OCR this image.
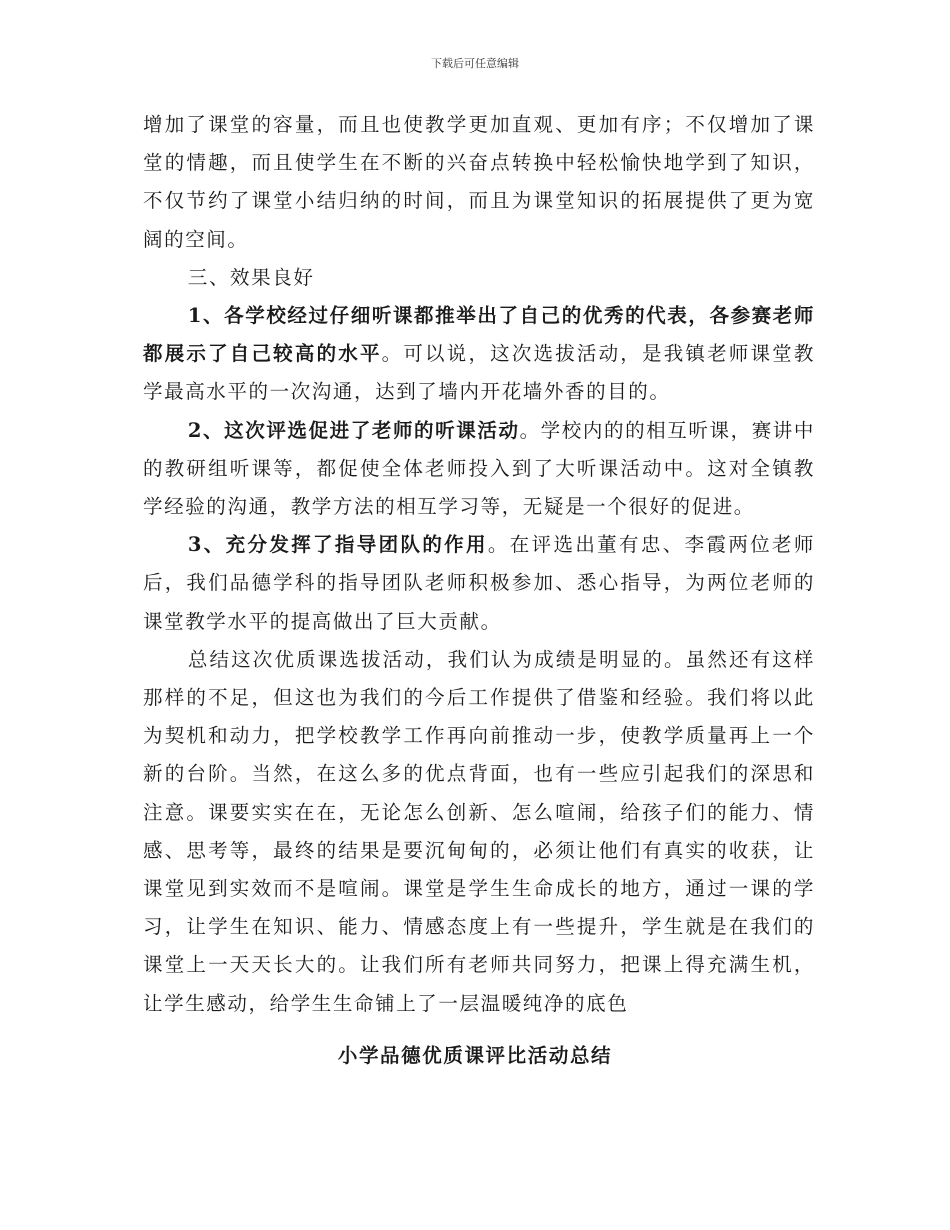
下载后可任意编辑

增加了课堂的容量，而且也使教学更加直观、更加有序；不仅增加了课堂的情趣，而且使学生在不断的兴奋点转换中轻松愉快地学到了知识，不仅节约了课堂小结归纳的时间，而且为课堂知识的拓展提供了更为宽阔的空间。

三、效果良好

1、各学校经过仔细听课都推举出了自己的优秀的代表，各参赛老师都展示了自己较高的水平。可以说，这次选拔活动，是我镇老师课堂教学最高水平的一次沟通，达到了墙内开花墙外香的目的。

2、这次评选促进了老师的听课活动。学校内的的相互听课，赛讲中的教研组听课等，都促使全体老师投入到了大听课活动中。这对全镇教学经验的沟通，教学方法的相互学习等，无疑是一个很好的促进。

3、充分发挥了指导团队的作用。在评选出董有忠、李霞两位老师后，我们品德学科的指导团队老师积极参加、悉心指导，为两位老师的课堂教学水平的提高做出了巨大贡献。

总结这次优质课选拔活动，我们认为成绩是明显的。虽然还有这样那样的不足，但这也为我们的今后工作提供了借鉴和经验。我们将以此为契机和动力，把学校教学工作再向前推动一步，使教学质量再上一个新的台阶。当然，在这么多的优点背面，也有一些应引起我们的深思和注意。课要实实在在，无论怎么创新、怎么喧闹，给孩子们的能力、情感、思考等，最终的结果是要沉甸甸的，必须让他们有真实的收获，让课堂见到实效而不是喧闹。课堂是学生生命成长的地方，通过一课的学习，让学生在知识、能力、情感态度上有一些提升，学生就是在我们的课堂上一天天长大的。让我们所有老师共同努力，把课上得充满生机，让学生感动，给学生生命铺上了一层温暖纯净的底色

小学品德优质课评比活动总结
